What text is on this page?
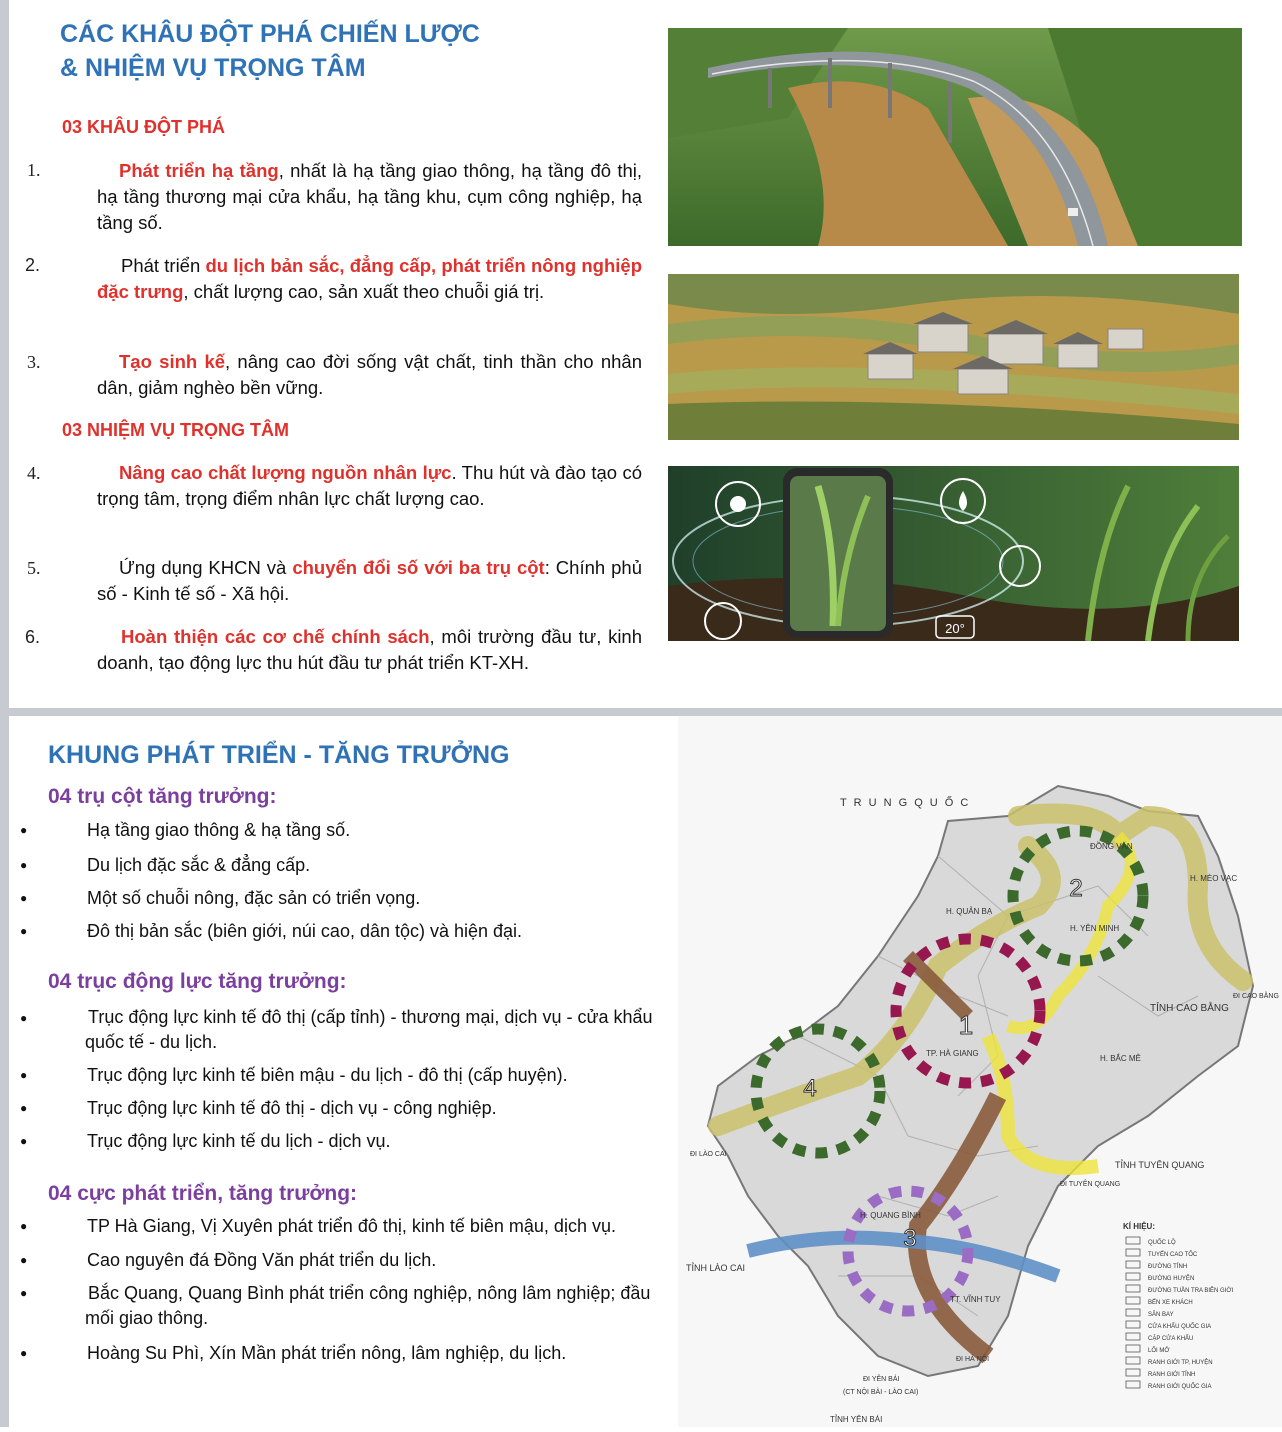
CÁC KHÂU ĐỘT PHÁ CHIẾN LƯỢC
& NHIỆM VỤ TRỌNG TÂM
03 KHÂU ĐỘT PHÁ
03 NHIỆM VỤ TRỌNG TÂM
1.	Phát triển hạ tầng, nhất là hạ tầng giao thông, hạ tầng đô thị, hạ tầng thương mại cửa khẩu, hạ tầng khu, cụm công nghiệp, hạ tầng số.
2.	Phát triển du lịch bản sắc, đẳng cấp, phát triển nông nghiệp đặc trưng, chất lượng cao, sản xuất theo chuỗi giá trị.
3.	Tạo sinh kế, nâng cao đời sống vật chất, tinh thần cho nhân dân, giảm nghèo bền vững.
4.	Nâng cao chất lượng nguồn nhân lực. Thu hút và đào tạo có trọng tâm, trọng điểm nhân lực chất lượng cao.
5.	Ứng dụng KHCN và chuyển đổi số với ba trụ cột: Chính phủ số - Kinh tế số - Xã hội.
6.	Hoàn thiện các cơ chế chính sách, môi trường đầu tư, kinh doanh, tạo động lực thu hút đầu tư phát triển KT-XH.
Cầu cao tốc qua vùng núi
Bản làng và ruộng bậc thang
20°
Chuyển đổi số nông nghiệp
KHUNG PHÁT TRIỂN - TĂNG TRƯỞNG
04 trụ cột tăng trưởng:
●	Hạ tầng giao thông & hạ tầng số.
●	Du lịch đặc sắc & đẳng cấp.
●	Một số chuỗi nông, đặc sản có triển vọng.
●	Đô thị bản sắc (biên giới, núi cao, dân tộc) và hiện đại.
04 trục động lực tăng trưởng:
●	Trục động lực kinh tế đô thị (cấp tỉnh) - thương mại, dịch vụ - cửa khẩu quốc tế - du lịch.
●	Trục động lực kinh tế biên mậu - du lịch - đô thị (cấp huyện).
●	Trục động lực kinh tế đô thị - dịch vụ - công nghiệp.
●	Trục động lực kinh tế du lịch - dịch vụ.
04 cực phát triển, tăng trưởng:
●	TP Hà Giang, Vị Xuyên phát triển đô thị, kinh tế biên mậu, dịch vụ.
●	Cao nguyên đá Đồng Văn phát triển du lịch.
●	Bắc Quang, Quang Bình phát triển công nghiệp, nông lâm nghiệp; đầu mối giao thông.
●	Hoàng Su Phì, Xín Mần phát triển nông, lâm nghiệp, du lịch.
1
2
3
4
T R U N G Q U Ố C
TỈNH CAO BẰNG
TỈNH TUYÊN QUANG
TỈNH LÀO CAI
TỈNH YÊN BÁI
TP. HÀ GIANG
ĐỒNG VĂN
H. MÈO VẠC
H. BẮC MÊ
H. QUẢN BẠ
H. YÊN MINH
H. QUANG BÌNH
TT. VĨNH TUY
ĐI CAO BẰNG
ĐI TUYÊN QUANG
ĐI LÀO CAI
ĐI YÊN BÁI
ĐI HÀ NỘI
(CT NỘI BÀI - LÀO CAI)
KÍ HIỆU:
QUỐC LỘ
TUYẾN CAO TỐC
ĐƯỜNG TỈNH
ĐƯỜNG HUYỆN
ĐƯỜNG TUẦN TRA BIÊN GIỚI
BẾN XE KHÁCH
SÂN BAY
CỬA KHẨU QUỐC GIA
CẶP CỬA KHẨU
LỐI MỞ
RANH GIỚI TP, HUYỆN
RANH GIỚI TỈNH
RANH GIỚI QUỐC GIA
